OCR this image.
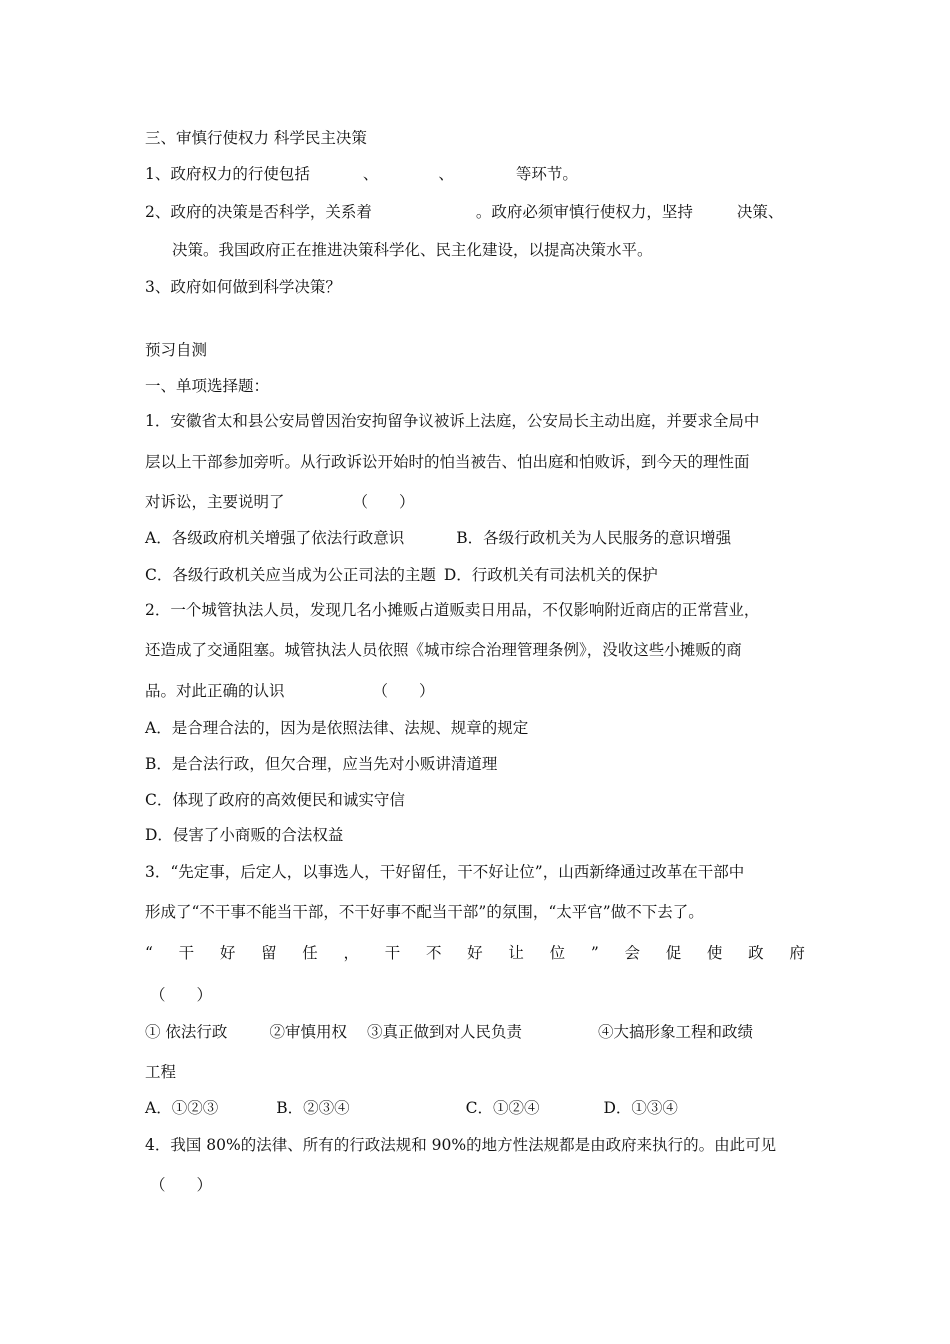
三、审慎行使权力 科学民主决策
1、政府权力的行使包括	、	、	等环节。
2、政府的决策是否科学，关系着	。政府必须审慎行使权力，坚持	决策、
决策。我国政府正在推进决策科学化、民主化建设，以提高决策水平。
3、政府如何做到科学决策？
预习自测
一、单项选择题：
1．安徽省太和县公安局曾因治安拘留争议被诉上法庭，公安局长主动出庭，并要求全局中
层以上干部参加旁听。从行政诉讼开始时的怕当被告、怕出庭和怕败诉，到今天的理性面
对诉讼，主要说明了	（　　）
A．各级政府机关增强了依法行政意识	B．各级行政机关为人民服务的意识增强
C．各级行政机关应当成为公正司法的主题 D．行政机关有司法机关的保护
2．一个城管执法人员，发现几名小摊贩占道贩卖日用品，不仅影响附近商店的正常营业，
还造成了交通阻塞。城管执法人员依照《城市综合治理管理条例》，没收这些小摊贩的商
品。对此正确的认识	（　　）
A．是合理合法的，因为是依照法律、法规、规章的规定
B．是合法行政，但欠合理，应当先对小贩讲清道理
C．体现了政府的高效便民和诚实守信
D．侵害了小商贩的合法权益
3．“先定事，后定人，以事选人，干好留任，干不好让位”，山西新绛通过改革在干部中
形成了“不干事不能当干部，不干好事不配当干部”的氛围，“太平官”做不下去了。
“ 干 好 留 任 ， 干 不 好 让 位 ” 会 促 使 政 府
（　　）
① 依法行政	②审慎用权 ③真正做到对人民负责	④大搞形象工程和政绩
工程
A．①②③	B．②③④	C．①②④	D．①③④
4．我国 80%的法律、所有的行政法规和 90%的地方性法规都是由政府来执行的。由此可见
（　　）
